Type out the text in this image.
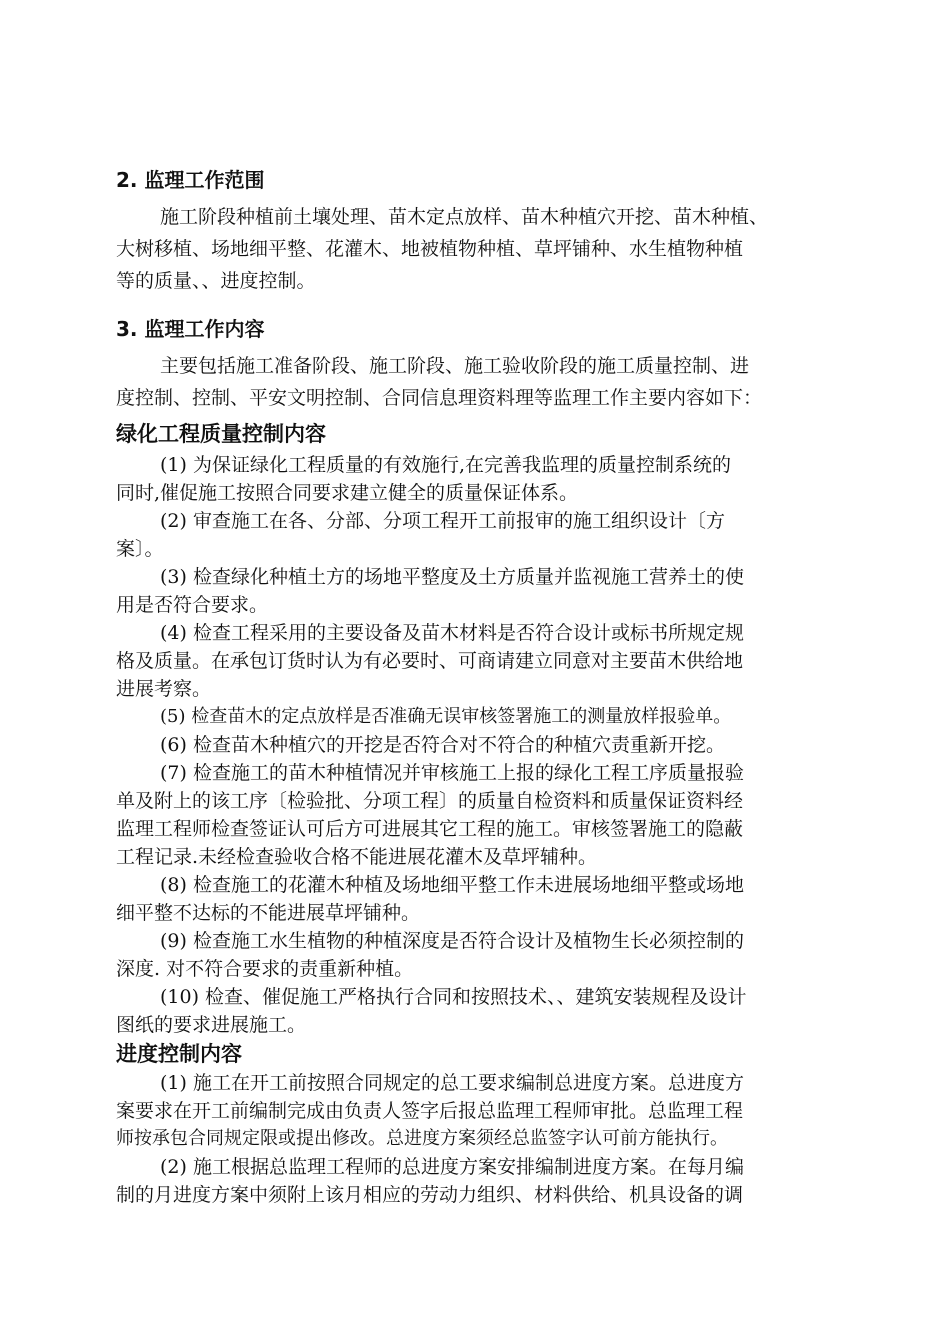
2. 监理工作范围
施工阶段种植前土壤处理、苗木定点放样、苗木种植穴开挖、苗木种植、
大树移植、场地细平整、花灌木、地被植物种植、草坪铺种、水生植物种植
等的质量、、进度控制。
3. 监理工作内容
主要包括施工准备阶段、施工阶段、施工验收阶段的施工质量控制、进
度控制、控制、平安文明控制、合同信息理资料理等监理工作主要内容如下：
绿化工程质量控制内容
(1) 为保证绿化工程质量的有效施行,在完善我监理的质量控制系统的
同时,催促施工按照合同要求建立健全的质量保证体系。
(2) 审查施工在各、分部、分项工程开工前报审的施工组织设计〔方
案〕。
(3) 检查绿化种植土方的场地平整度及土方质量并监视施工营养土的使
用是否符合要求。
(4) 检查工程采用的主要设备及苗木材料是否符合设计或标书所规定规
格及质量。在承包订货时认为有必要时、可商请建立同意对主要苗木供给地
进展考察。
(5) 检查苗木的定点放样是否准确无误审核签署施工的测量放样报验单。
(6) 检查苗木种植穴的开挖是否符合对不符合的种植穴责重新开挖。
(7) 检查施工的苗木种植情况并审核施工上报的绿化工程工序质量报验
单及附上的该工序〔检验批、分项工程〕的质量自检资料和质量保证资料经
监理工程师检查签证认可后方可进展其它工程的施工。审核签署施工的隐蔽
工程记录.未经检查验收合格不能进展花灌木及草坪辅种。
(8) 检查施工的花灌木种植及场地细平整工作未进展场地细平整或场地
细平整不达标的不能进展草坪铺种。
(9) 检查施工水生植物的种植深度是否符合设计及植物生长必须控制的
深度. 对不符合要求的责重新种植。
(10) 检查、催促施工严格执行合同和按照技术、、建筑安装规程及设计
图纸的要求进展施工。
进度控制内容
(1) 施工在开工前按照合同规定的总工要求编制总进度方案。总进度方
案要求在开工前编制完成由负责人签字后报总监理工程师审批。总监理工程
师按承包合同规定限或提出修改。总进度方案须经总监签字认可前方能执行。
(2) 施工根据总监理工程师的总进度方案安排编制进度方案。在每月编
制的月进度方案中须附上该月相应的劳动力组织、材料供给、机具设备的调
